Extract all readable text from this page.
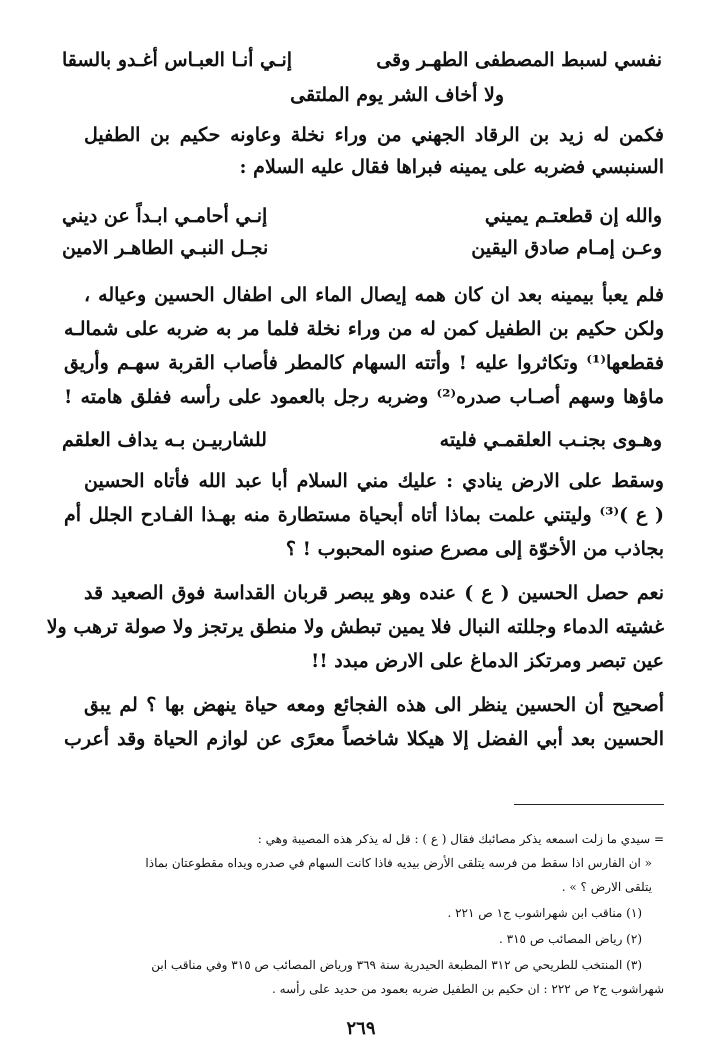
نفسي لسبط المصطفى الطهـر وقى
إنـي أنـا العبـاس أغـدو بالسقا
ولا أخاف الشر يوم الملتقى
فكمن له زيد بن الرقاد الجهني من وراء نخلة وعاونه حكيم بن الطفيل
السنبسي فضربه على يمينه فبراها فقال عليه السلام :
والله إن قطعتـم يميني
إنـي أحامـي ابـداً عن ديني
وعـن إمـام صادق اليقين
نجـل النبـي الطاهـر الامين
فلم يعبأ بيمينه بعد ان كان همه إيصال الماء الى اطفال الحسين وعياله ،
ولكن حكيم بن الطفيل كمن له من وراء نخلة فلما مر به ضربه على شمالـه
فقطعها⁽¹⁾ وتكاثروا عليه ! وأتته السهام كالمطر فأصاب القربة سهـم وأريق
ماؤها وسهم أصـاب صدره⁽²⁾ وضربه رجل بالعمود على رأسه ففلق هامته !
وهـوى بجنـب العلقمـي فليته
للشاربيـن بـه يداف العلقم
وسقط على الارض ينادي : عليك مني السلام أبا عبد الله فأتاه الحسين
( ع )⁽³⁾ وليتني علمت بماذا أتاه أبحياة مستطارة منه بهـذا الفـادح الجلل أم
بجاذب من الأخوّة إلى مصرع صنوه المحبوب ! ؟
نعم حصل الحسين ( ع ) عنده وهو يبصر قربان القداسة فوق الصعيد قد
غشيته الدماء وجللته النبال فلا يمين تبطش ولا منطق يرتجز ولا صولة ترهب ولا
عين تبصر ومرتكز الدماغ على الارض مبدد !!
أصحيح أن الحسين ينظر الى هذه الفجائع ومعه حياة ينهض بها ؟ لم يبق
الحسين بعد أبي الفضل إلا هيكلا شاخصاً معرًى عن لوازم الحياة وقد أعرب
= سيدي ما زلت اسمعه يذكر مصائبك فقال ( ع ) : قل له يذكر هذه المصيبة وهي :
« ان الفارس اذا سقط من فرسه يتلقى الأرض بيديه فاذا كانت السهام في صدره ويداه مقطوعتان بماذا
يتلقى الارض ؟ » .
(١) مناقب ابن شهراشوب ج١ ص ٢٢١ .
(٢) رياض المصائب ص ٣١٥ .
(٣) المنتخب للطريحي ص ٣١٢ المطبعة الحيدرية سنة ٣٦٩ ورياض المصائب ص ٣١٥ وفي مناقب ابن
شهراشوب ج٢ ص ٢٢٢ : ان حكيم بن الطفيل ضربه بعمود من حديد على رأسه .
٢٦٩
